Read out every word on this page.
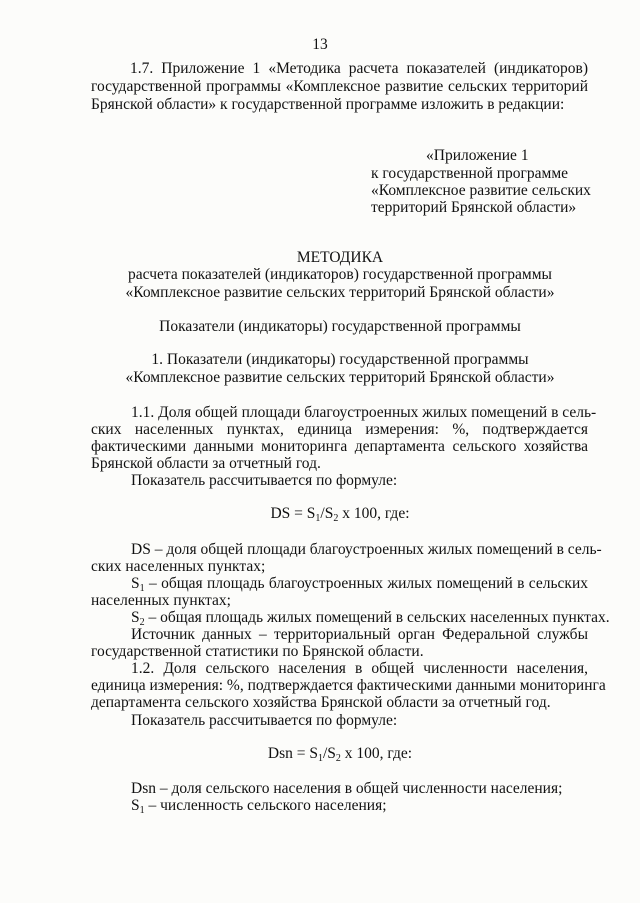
13
1.7. Приложение 1 «Методика расчета показателей (индикаторов)
государственной программы «Комплексное развитие сельских территорий
Брянской области» к государственной программе изложить в редакции:
«Приложение 1
к государственной программе
«Комплексное развитие сельских
территорий Брянской области»
МЕТОДИКА
расчета показателей (индикаторов) государственной программы
«Комплексное развитие сельских территорий Брянской области»
Показатели (индикаторы) государственной программы
1. Показатели (индикаторы) государственной программы
«Комплексное развитие сельских территорий Брянской области»
1.1. Доля общей площади благоустроенных жилых помещений в сель-
ских населенных пунктах, единица измерения: %, подтверждается
фактическими данными мониторинга департамента сельского хозяйства
Брянской области за отчетный год.
Показатель рассчитывается по формуле:
DS = $S_1/S_2$ х 100, где:
DS – доля общей площади благоустроенных жилых помещений в сель-
ских населенных пунктах;
$S_1$ – общая площадь благоустроенных жилых помещений в сельских
населенных пунктах;
$S_2$ – общая площадь жилых помещений в сельских населенных пунктах.
Источник данных – территориальный орган Федеральной службы
государственной статистики по Брянской области.
1.2. Доля сельского населения в общей численности населения,
единица измерения: %, подтверждается фактическими данными мониторинга
департамента сельского хозяйства Брянской области за отчетный год.
Показатель рассчитывается по формуле:
Dsn = $S_1/S_2$ х 100, где:
Dsn – доля сельского населения в общей численности населения;
$S_1$ – численность сельского населения;
